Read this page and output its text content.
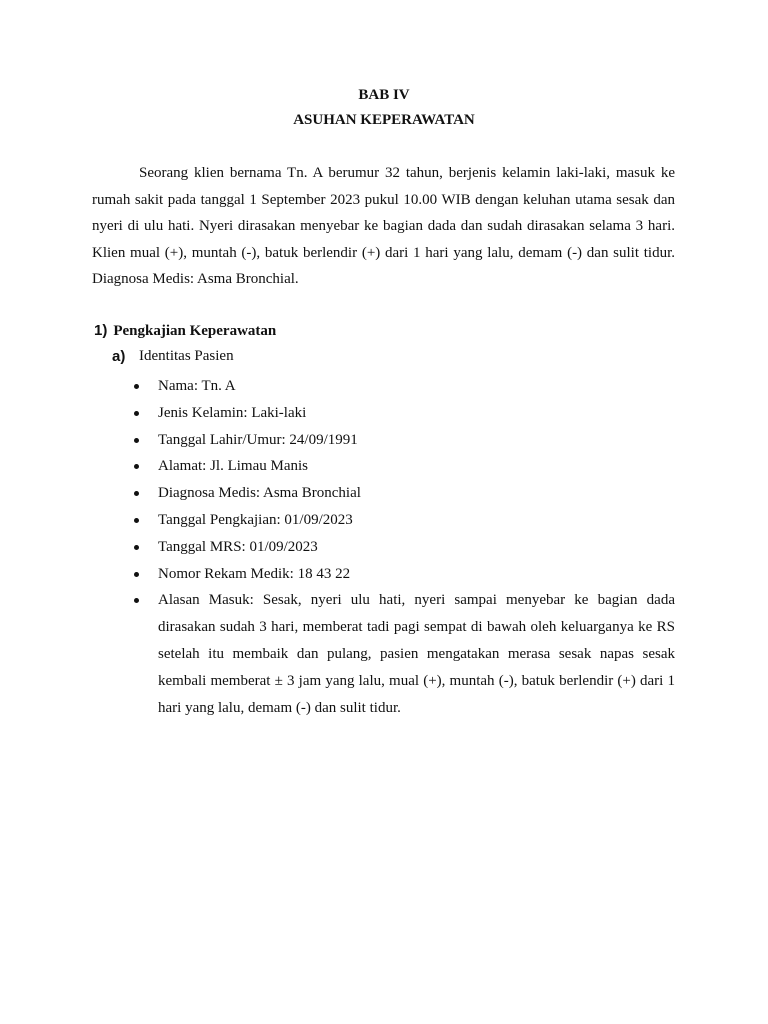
BAB IV
ASUHAN KEPERAWATAN
Seorang klien bernama Tn. A berumur 32 tahun, berjenis kelamin laki-laki, masuk ke rumah sakit pada tanggal 1 September 2023 pukul 10.00 WIB dengan keluhan utama sesak dan nyeri di ulu hati. Nyeri dirasakan menyebar ke bagian dada dan sudah dirasakan selama 3 hari. Klien mual (+), muntah (-), batuk berlendir (+) dari 1 hari yang lalu, demam (-) dan sulit tidur. Diagnosa Medis: Asma Bronchial.
1) Pengkajian Keperawatan
a) Identitas Pasien
Nama: Tn. A
Jenis Kelamin: Laki-laki
Tanggal Lahir/Umur: 24/09/1991
Alamat: Jl. Limau Manis
Diagnosa Medis: Asma Bronchial
Tanggal Pengkajian: 01/09/2023
Tanggal MRS: 01/09/2023
Nomor Rekam Medik: 18 43 22
Alasan Masuk: Sesak, nyeri ulu hati, nyeri sampai menyebar ke bagian dada dirasakan sudah 3 hari, memberat tadi pagi sempat di bawah oleh keluarganya ke RS setelah itu membaik dan pulang, pasien mengatakan merasa sesak napas sesak kembali memberat ± 3 jam yang lalu, mual (+), muntah (-), batuk berlendir (+) dari 1 hari yang lalu, demam (-) dan sulit tidur.
